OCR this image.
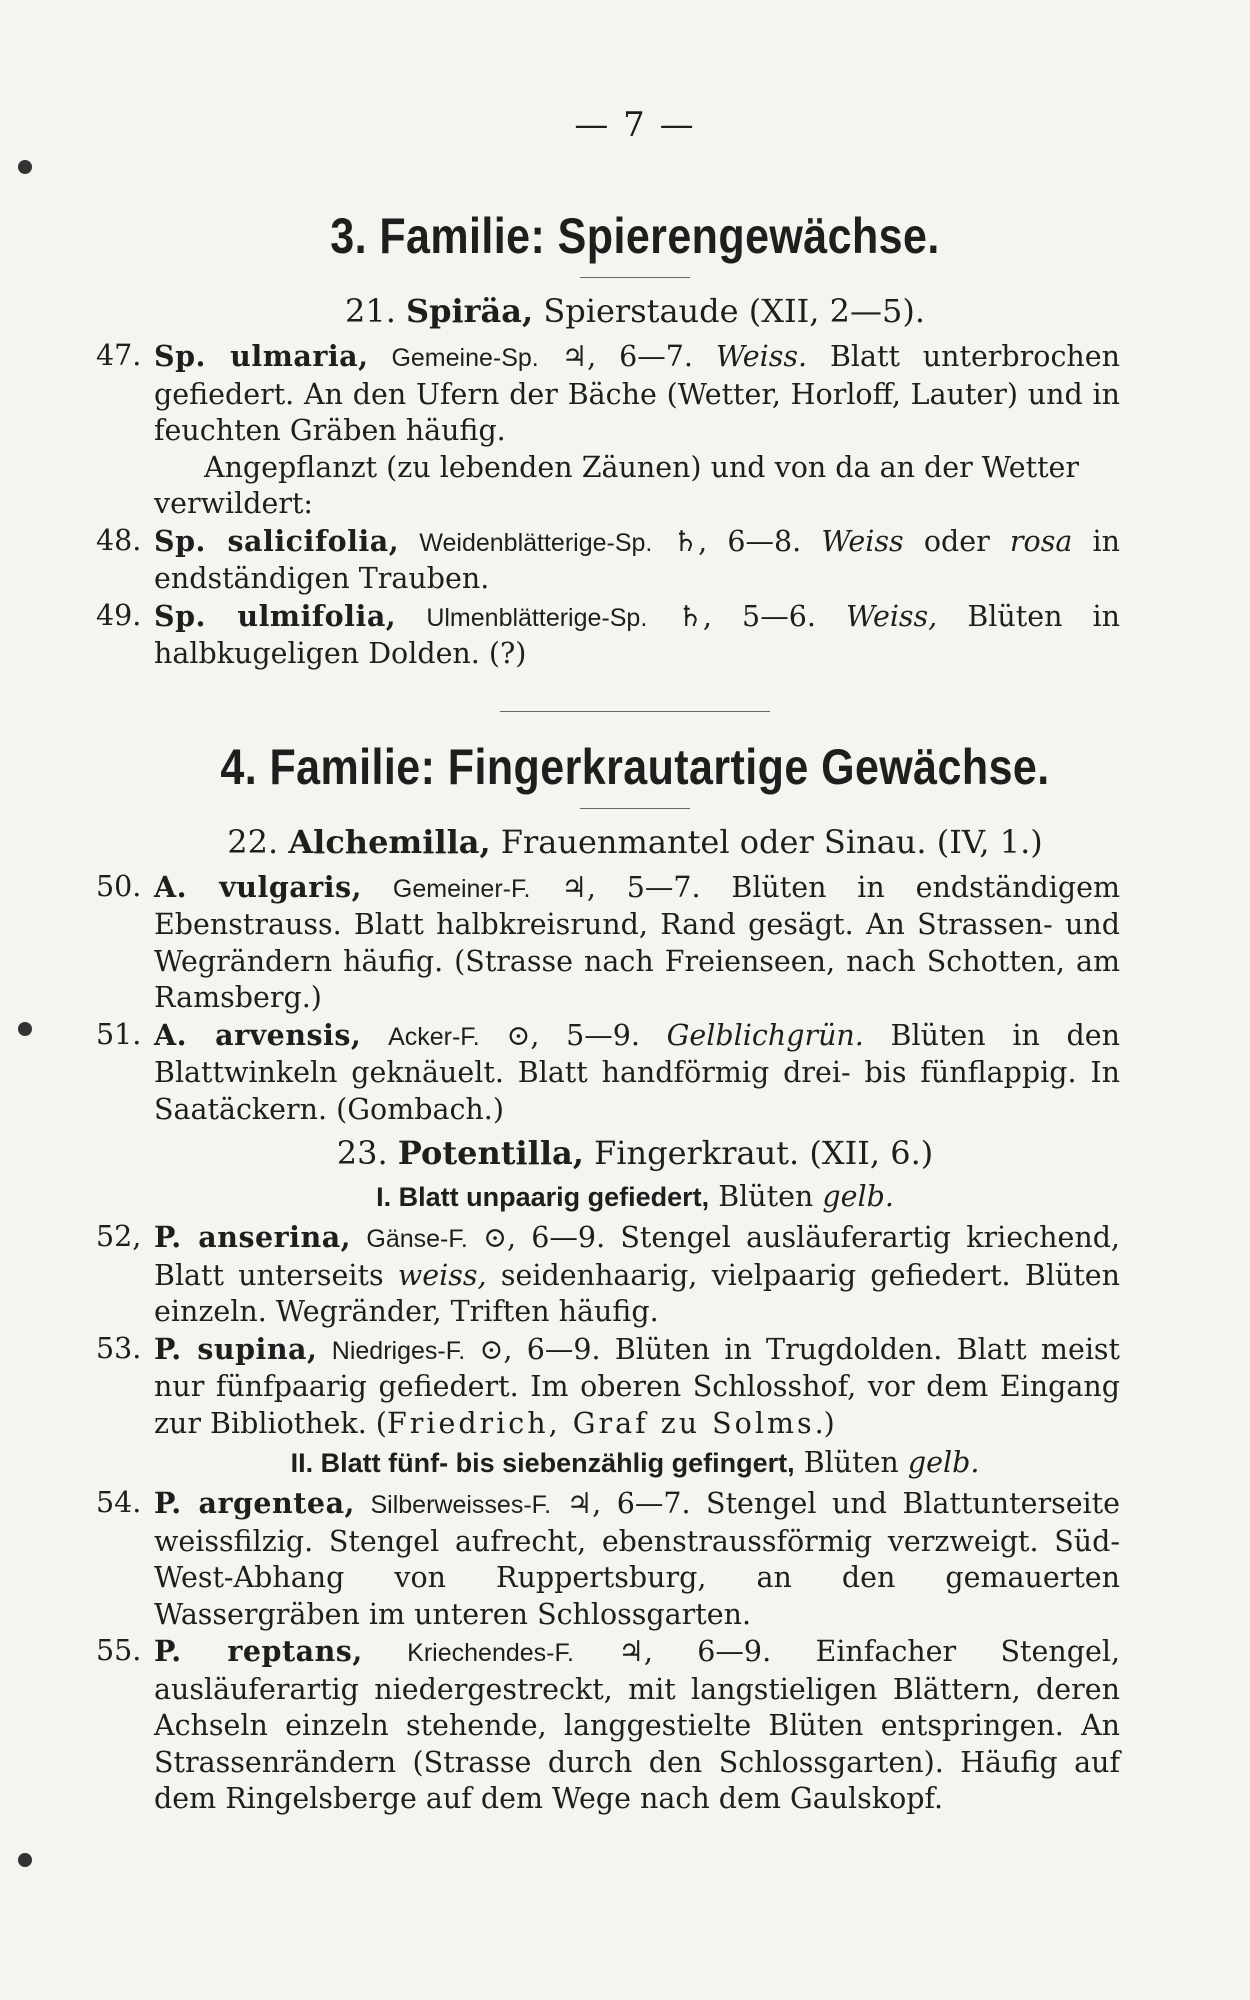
— 7 —
3. Familie: Spierengewächse.
21. Spiräa, Spierstaude (XII, 2—5).
47. Sp. ulmaria, Gemeine-Sp. ♃, 6—7. Weiss. Blatt unterbrochen gefiedert. An den Ufern der Bäche (Wetter, Horloff, Lauter) und in feuchten Gräben häufig.

Angepflanzt (zu lebenden Zäunen) und von da an der Wetter verwildert:
48. Sp. salicifolia, Weidenblätterige-Sp. ♄, 6—8. Weiss oder rosa in endständigen Trauben.

49. Sp. ulmifolia, Ulmenblätterige-Sp. ♄, 5—6. Weiss, Blüten in halbkugeligen Dolden. (?)

4. Familie: Fingerkrautartige Gewächse.
22. Alchemilla, Frauenmantel oder Sinau. (IV, 1.)
50. A. vulgaris, Gemeiner-F. ♃, 5—7. Blüten in endständigem Ebenstrauss. Blatt halbkreisrund, Rand gesägt. An Strassen- und Wegrändern häufig. (Strasse nach Freienseen, nach Schotten, am Ramsberg.)

51. A. arvensis, Acker-F. ⊙, 5—9. Gelblichgrün. Blüten in den Blattwinkeln geknäuelt. Blatt handförmig drei- bis fünflappig. In Saatäckern. (Gombach.)

23. Potentilla, Fingerkraut. (XII, 6.)
I. Blatt unpaarig gefiedert, Blüten gelb.
52, P. anserina, Gänse-F. ⊙, 6—9. Stengel ausläuferartig kriechend, Blatt unterseits weiss, seidenhaarig, vielpaarig gefiedert. Blüten einzeln. Wegränder, Triften häufig.

53. P. supina, Niedriges-F. ⊙, 6—9. Blüten in Trugdolden. Blatt meist nur fünfpaarig gefiedert. Im oberen Schlosshof, vor dem Eingang zur Bibliothek. (Friedrich, Graf zu Solms.)

II. Blatt fünf- bis siebenzählig gefingert, Blüten gelb.
54. P. argentea, Silberweisses-F. ♃, 6—7. Stengel und Blattunterseite weissfilzig. Stengel aufrecht, ebenstraussförmig verzweigt. Süd-West-Abhang von Ruppertsburg, an den gemauerten Wassergräben im unteren Schlossgarten.

55. P. reptans, Kriechendes-F. ♃, 6—9. Einfacher Stengel, ausläuferartig niedergestreckt, mit langstieligen Blättern, deren Achseln einzeln stehende, langgestielte Blüten entspringen. An Strassenrändern (Strasse durch den Schlossgarten). Häufig auf dem Ringelsberge auf dem Wege nach dem Gaulskopf.
